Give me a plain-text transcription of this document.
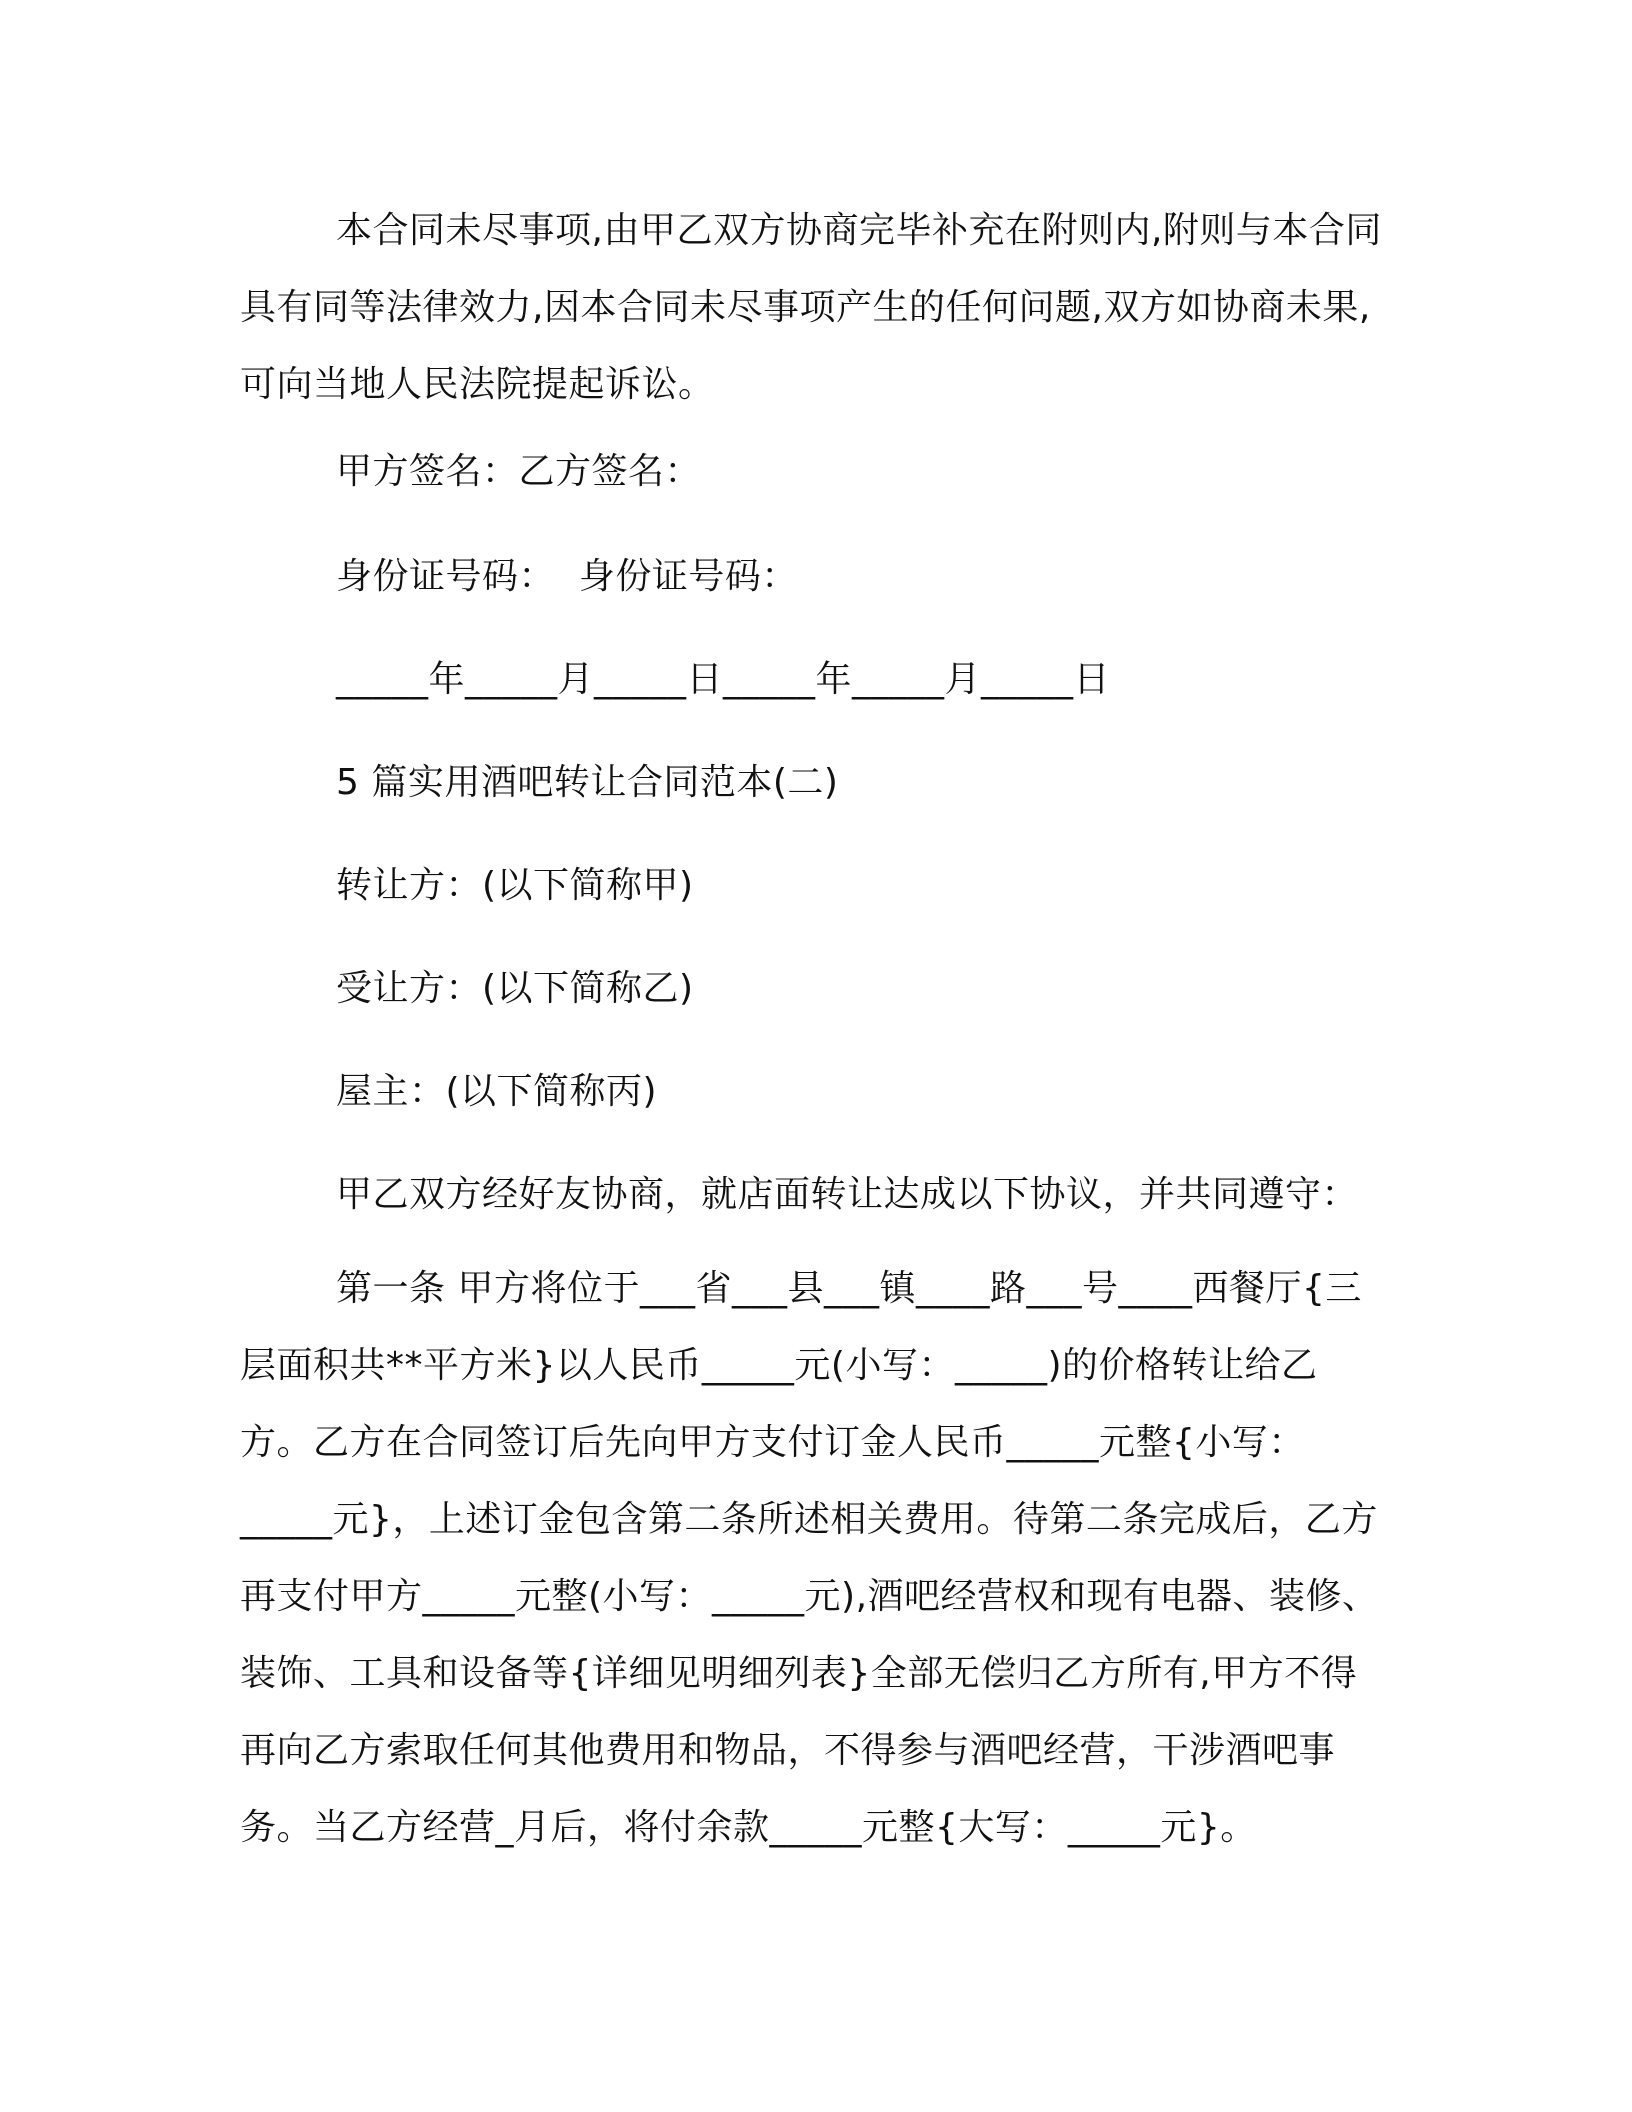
本合同未尽事项,由甲乙双方协商完毕补充在附则内,附则与本合同具有同等法律效力,因本合同未尽事项产生的任何问题,双方如协商未果,可向当地人民法院提起诉讼。

甲方签名：乙方签名：

身份证号码：  身份证号码：

_____年_____月_____日_____年_____月_____日

5 篇实用酒吧转让合同范本(二)

转让方：(以下简称甲)

受让方：(以下简称乙)

屋主：(以下简称丙)

甲乙双方经好友协商，就店面转让达成以下协议，并共同遵守：

第一条 甲方将位于___省___县___镇____路___号____西餐厅{三层面积共**平方米}以人民币_____元(小写：_____)的价格转让给乙方。乙方在合同签订后先向甲方支付订金人民币_____元整{小写：_____元}，上述订金包含第二条所述相关费用。待第二条完成后，乙方再支付甲方_____元整(小写：_____元),酒吧经营权和现有电器、装修、装饰、工具和设备等{详细见明细列表}全部无偿归乙方所有,甲方不得再向乙方索取任何其他费用和物品，不得参与酒吧经营，干涉酒吧事务。当乙方经营_月后，将付余款_____元整{大写：_____元}。
